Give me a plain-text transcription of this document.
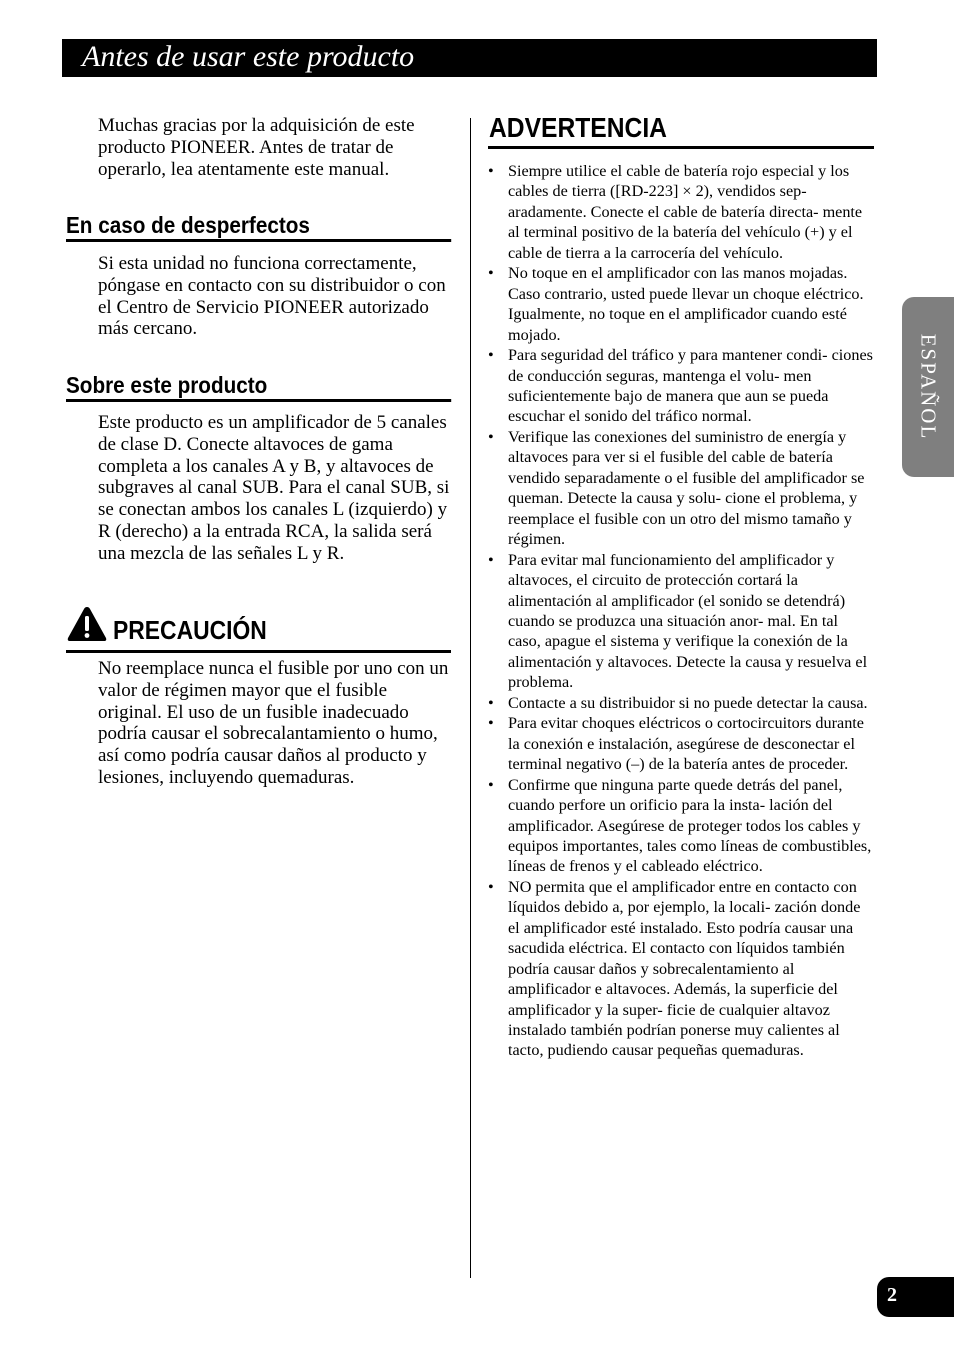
Antes de usar este producto

Muchas gracias por la adquisición de este producto PIONEER. Antes de tratar de operarlo, lea atentamente este manual.

En caso de desperfectos

Si esta unidad no funciona correctamente, póngase en contacto con su distribuidor o con el Centro de Servicio PIONEER autorizado más cercano.

Sobre este producto

Este producto es un amplificador de 5 canales de clase D. Conecte altavoces de gama completa a los canales A y B, y altavoces de subgraves al canal SUB. Para el canal SUB, si se conectan ambos los canales L (izquierdo) y R (derecho) a la entrada RCA, la salida será una mezcla de las señales L y R.

PRECAUCIÓN

No reemplace nunca el fusible por uno con un valor de régimen mayor que el fusible original. El uso de un fusible inadecuado podría causar el sobrecalantamiento o humo, así como podría causar daños al producto y lesiones, incluyendo quemaduras.

ADVERTENCIA
• Siempre utilice el cable de batería rojo especial y los cables de tierra ([RD-223] × 2), vendidos sep- aradamente. Conecte el cable de batería directa- mente al terminal positivo de la batería del vehículo (+) y el cable de tierra a la carrocería del vehículo.
• No toque en el amplificador con las manos mojadas. Caso contrario, usted puede llevar un choque eléctrico. Igualmente, no toque en el amplificador cuando esté mojado.
• Para seguridad del tráfico y para mantener condi- ciones de conducción seguras, mantenga el volu- men suficientemente bajo de manera que aun se pueda escuchar el sonido del tráfico normal.
• Verifique las conexiones del suministro de energía y altavoces para ver si el fusible del cable de batería vendido separadamente o el fusible del amplificador se queman. Detecte la causa y solu- cione el problema, y reemplace el fusible con un otro del mismo tamaño y régimen.
• Para evitar mal funcionamiento del amplificador y altavoces, el circuito de protección cortará la alimentación al amplificador (el sonido se detendrá) cuando se produzca una situación anor- mal. En tal caso, apague el sistema y verifique la conexión de la alimentación y altavoces. Detecte la causa y resuelva el problema.
• Contacte a su distribuidor si no puede detectar la causa.
• Para evitar choques eléctricos o cortocircuitors durante la conexión e instalación, asegúrese de desconectar el terminal negativo (–) de la batería antes de proceder.
• Confirme que ninguna parte quede detrás del panel, cuando perfore un orificio para la insta- lación del amplificador. Asegúrese de proteger todos los cables y equipos importantes, tales como líneas de combustibles, líneas de frenos y el cableado eléctrico.
• NO permita que el amplificador entre en contacto con líquidos debido a, por ejemplo, la locali- zación donde el amplificador esté instalado. Esto podría causar una sacudida eléctrica. El contacto con líquidos también podría causar daños y sobrecalentamiento al amplificador e altavoces. Además, la superficie del amplificador y la super- ficie de cualquier altavoz instalado también podrían ponerse muy calientes al tacto, pudiendo causar pequeñas quemaduras.
ESPAÑOL
2
